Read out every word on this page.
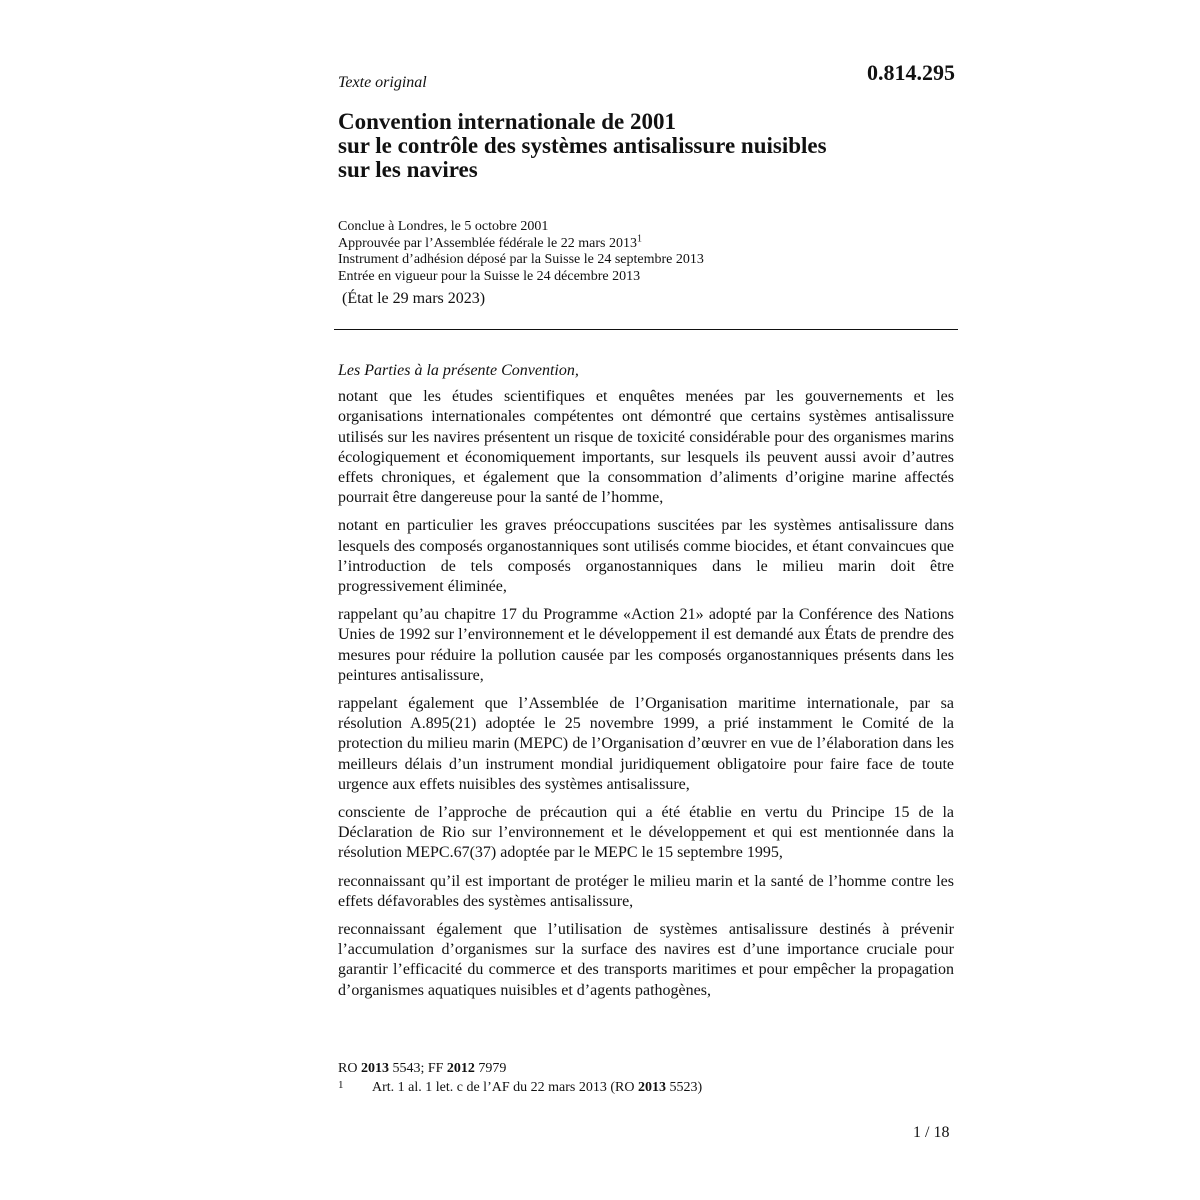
0.814.295
Texte original
Convention internationale de 2001
sur le contrôle des systèmes antisalissure nuisibles
sur les navires
Conclue à Londres, le 5 octobre 2001
Approuvée par l’Assemblée fédérale le 22 mars 2013$^1$
Instrument d’adhésion déposé par la Suisse le 24 septembre 2013
Entrée en vigueur pour la Suisse le 24 décembre 2013
(État le 29 mars 2023)

Les Parties à la présente Convention,

notant que les études scientifiques et enquêtes menées par les gouvernements et les organisations internationales compétentes ont démontré que certains systèmes antisalissure utilisés sur les navires présentent un risque de toxicité considérable pour des organismes marins écologiquement et économiquement importants, sur lesquels ils peuvent aussi avoir d’autres effets chroniques, et également que la consommation d’aliments d’origine marine affectés pourrait être dangereuse pour la santé de l’homme,

notant en particulier les graves préoccupations suscitées par les systèmes antisalissure dans lesquels des composés organostanniques sont utilisés comme biocides, et étant convaincues que l’introduction de tels composés organostanniques dans le milieu marin doit être progressivement éliminée,

rappelant qu’au chapitre 17 du Programme «Action 21» adopté par la Conférence des Nations Unies de 1992 sur l’environnement et le développement il est demandé aux États de prendre des mesures pour réduire la pollution causée par les composés organostanniques présents dans les peintures antisalissure,

rappelant également que l’Assemblée de l’Organisation maritime internationale, par sa résolution A.895(21) adoptée le 25 novembre 1999, a prié instamment le Comité de la protection du milieu marin (MEPC) de l’Organisation d’œuvrer en vue de l’élaboration dans les meilleurs délais d’un instrument mondial juridiquement obligatoire pour faire face de toute urgence aux effets nuisibles des systèmes antisalissure,

consciente de l’approche de précaution qui a été établie en vertu du Principe 15 de la Déclaration de Rio sur l’environnement et le développement et qui est mentionnée dans la résolution MEPC.67(37) adoptée par le MEPC le 15 septembre 1995,

reconnaissant qu’il est important de protéger le milieu marin et la santé de l’homme contre les effets défavorables des systèmes antisalissure,

reconnaissant également que l’utilisation de systèmes antisalissure destinés à prévenir l’accumulation d’organismes sur la surface des navires est d’une importance cruciale pour garantir l’efficacité du commerce et des transports maritimes et pour empêcher la propagation d’organismes aquatiques nuisibles et d’agents pathogènes,

RO 2013 5543; FF 2012 7979
1 Art. 1 al. 1 let. c de l’AF du 22 mars 2013 (RO 2013 5523)
1 / 18
